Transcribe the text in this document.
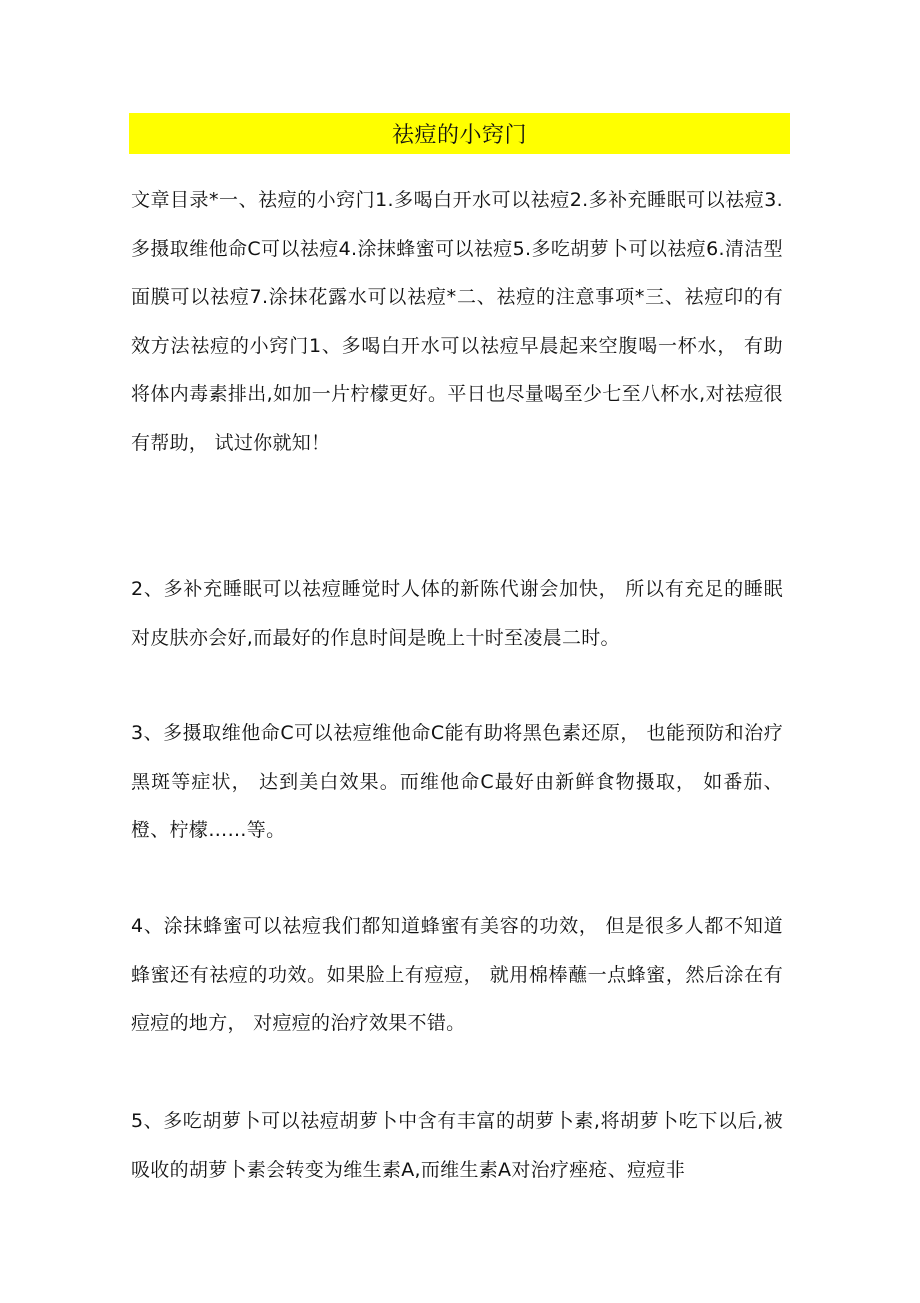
祛痘的小窍门

文章目录*一、祛痘的小窍门1.多喝白开水可以祛痘2.多补充睡眠可以祛痘3.多摄取维他命C可以祛痘4.涂抹蜂蜜可以祛痘5.多吃胡萝卜可以祛痘6.清洁型面膜可以祛痘7.涂抹花露水可以祛痘*二、祛痘的注意事项*三、祛痘印的有效方法祛痘的小窍门1、多喝白开水可以祛痘早晨起来空腹喝一杯水， 有助将体内毒素排出,如加一片柠檬更好。平日也尽量喝至少七至八杯水,对祛痘很有帮助， 试过你就知！

2、多补充睡眠可以祛痘睡觉时人体的新陈代谢会加快， 所以有充足的睡眠对皮肤亦会好,而最好的作息时间是晚上十时至凌晨二时。

3、多摄取维他命C可以祛痘维他命C能有助将黑色素还原， 也能预防和治疗黑斑等症状， 达到美白效果。而维他命C最好由新鲜食物摄取， 如番茄、橙、柠檬……等。

4、涂抹蜂蜜可以祛痘我们都知道蜂蜜有美容的功效， 但是很多人都不知道蜂蜜还有祛痘的功效。如果脸上有痘痘， 就用棉棒蘸一点蜂蜜，然后涂在有痘痘的地方， 对痘痘的治疗效果不错。

5、多吃胡萝卜可以祛痘胡萝卜中含有丰富的胡萝卜素,将胡萝卜吃下以后,被吸收的胡萝卜素会转变为维生素A,而维生素A对治疗痤疮、痘痘非
